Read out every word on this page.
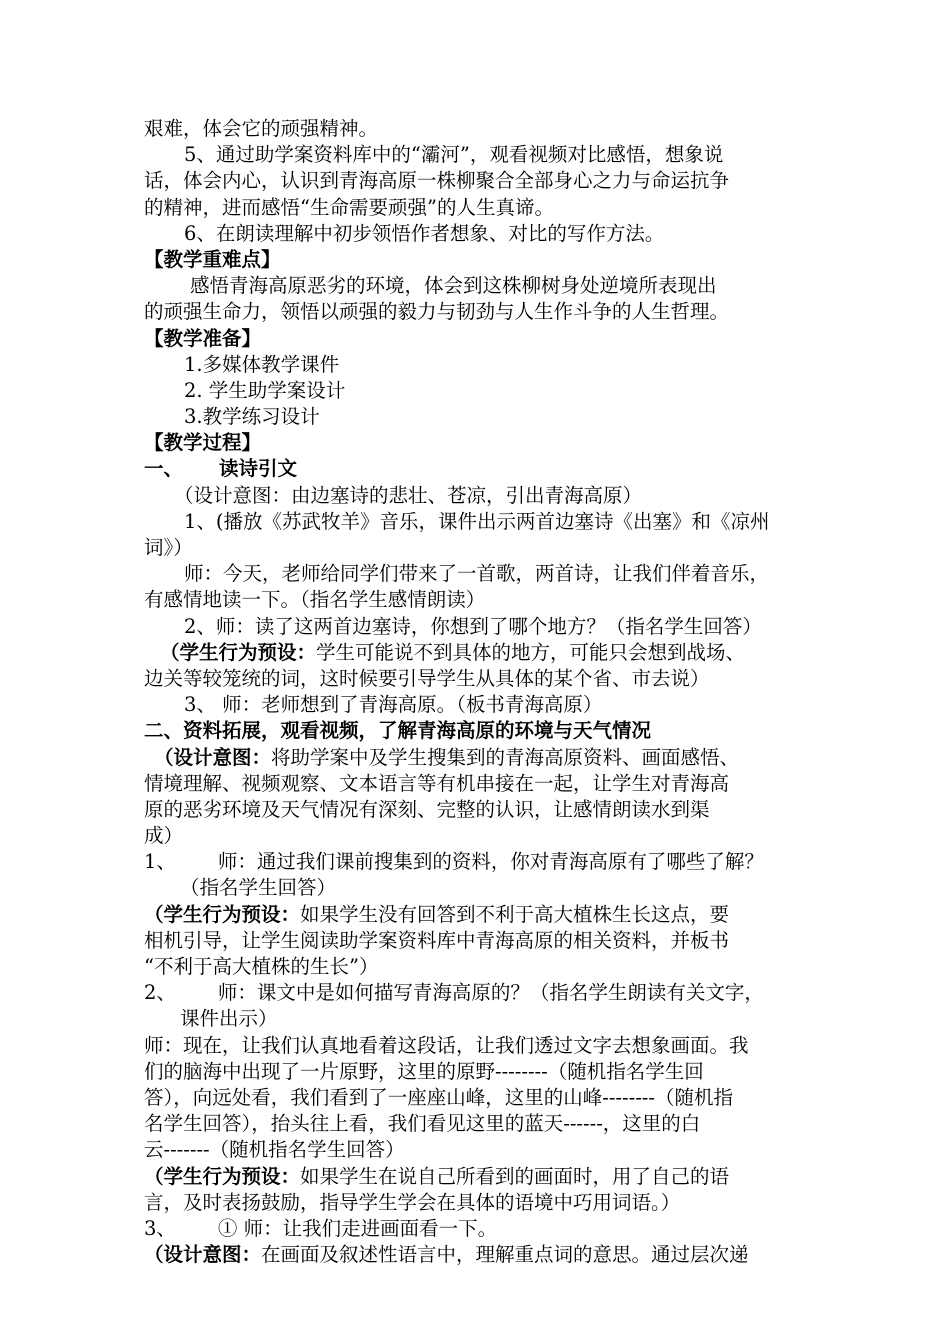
艰难，体会它的顽强精神。
5、通过助学案资料库中的“灞河”，观看视频对比感悟，想象说
话，体会内心，认识到青海高原一株柳聚合全部身心之力与命运抗争
的精神，进而感悟“生命需要顽强”的人生真谛。
6、在朗读理解中初步领悟作者想象、对比的写作方法。
【教学重难点】
感悟青海高原恶劣的环境，体会到这株柳树身处逆境所表现出
的顽强生命力，领悟以顽强的毅力与韧劲与人生作斗争的人生哲理。
【教学准备】
1.多媒体教学课件
2. 学生助学案设计
3.教学练习设计
【教学过程】
一、 读诗引文
（设计意图：由边塞诗的悲壮、苍凉，引出青海高原）
1、(播放《苏武牧羊》音乐，课件出示两首边塞诗《出塞》和《凉州
词》）
师：今天，老师给同学们带来了一首歌，两首诗，让我们伴着音乐，
有感情地读一下。（指名学生感情朗读）
2、师：读了这两首边塞诗，你想到了哪个地方？（指名学生回答）
（学生行为预设：学生可能说不到具体的地方，可能只会想到战场、
边关等较笼统的词，这时候要引导学生从具体的某个省、市去说）
3、 师：老师想到了青海高原。（板书青海高原）
二、资料拓展，观看视频，了解青海高原的环境与天气情况
（设计意图：将助学案中及学生搜集到的青海高原资料、画面感悟、
情境理解、视频观察、文本语言等有机串接在一起，让学生对青海高
原的恶劣环境及天气情况有深刻、完整的认识，让感情朗读水到渠
成）
1、 师：通过我们课前搜集到的资料，你对青海高原有了哪些了解？
（指名学生回答）
（学生行为预设：如果学生没有回答到不利于高大植株生长这点，要
相机引导，让学生阅读助学案资料库中青海高原的相关资料，并板书
“不利于高大植株的生长”）
2、 师：课文中是如何描写青海高原的？（指名学生朗读有关文字，
课件出示）
师：现在，让我们认真地看着这段话，让我们透过文字去想象画面。我
们的脑海中出现了一片原野，这里的原野--------（随机指名学生回
答），向远处看，我们看到了一座座山峰，这里的山峰--------（随机指
名学生回答），抬头往上看，我们看见这里的蓝天------，这里的白
云-------（随机指名学生回答）
（学生行为预设：如果学生在说自己所看到的画面时，用了自己的语
言，及时表扬鼓励，指导学生学会在具体的语境中巧用词语。）
3、 ① 师：让我们走进画面看一下。
（设计意图：在画面及叙述性语言中，理解重点词的意思。通过层次递
